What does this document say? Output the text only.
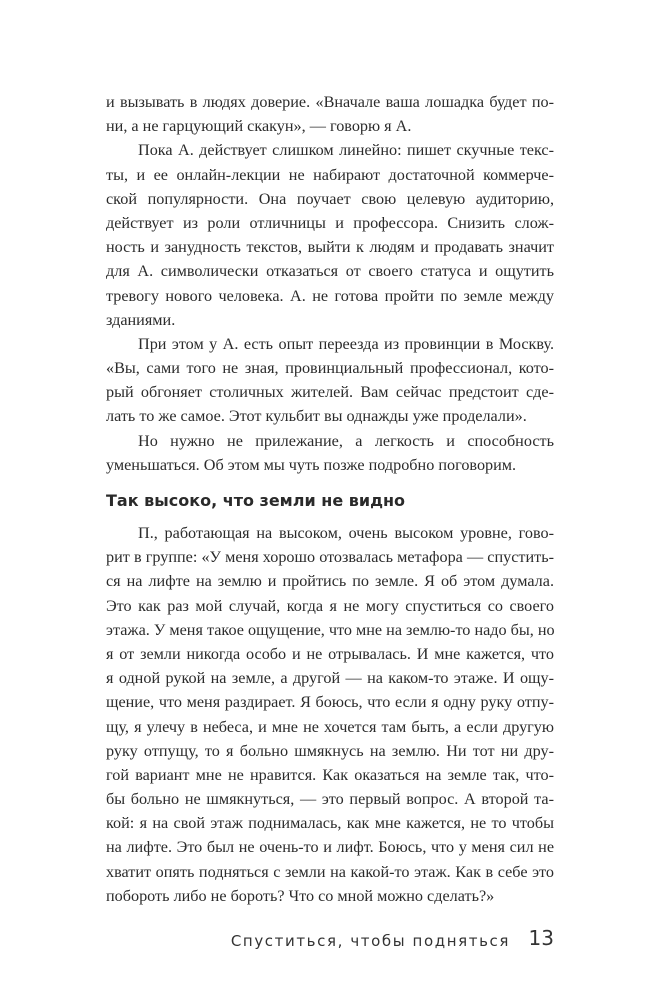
и вызывать в людях доверие. «Вначале ваша лошадка будет по-
ни, а не гарцующий скакун», — говорю я А.
Пока А. действует слишком линейно: пишет скучные текс-
ты, и ее онлайн-лекции не набирают достаточной коммерче-
ской популярности. Она поучает свою целевую аудиторию,
действует из роли отличницы и профессора. Снизить слож-
ность и занудность текстов, выйти к людям и продавать значит
для А. символически отказаться от своего статуса и ощутить
тревогу нового человека. А. не готова пройти по земле между
зданиями.
При этом у А. есть опыт переезда из провинции в Москву.
«Вы, сами того не зная, провинциальный профессионал, кото-
рый обгоняет столичных жителей. Вам сейчас предстоит сде-
лать то же самое. Этот кульбит вы однажды уже проделали».
Но нужно не прилежание, а легкость и способность
уменьшаться. Об этом мы чуть позже подробно поговорим.
Так высоко, что земли не видно
П., работающая на высоком, очень высоком уровне, гово-
рит в группе: «У меня хорошо отозвалась метафора — спустить-
ся на лифте на землю и пройтись по земле. Я об этом думала.
Это как раз мой случай, когда я не могу спуститься со своего
этажа. У меня такое ощущение, что мне на землю-то надо бы, но
я от земли никогда особо и не отрывалась. И мне кажется, что
я одной рукой на земле, а другой — на каком-то этаже. И ощу-
щение, что меня раздирает. Я боюсь, что если я одну руку отпу-
щу, я улечу в небеса, и мне не хочется там быть, а если другую
руку отпущу, то я больно шмякнусь на землю. Ни тот ни дру-
гой вариант мне не нравится. Как оказаться на земле так, что-
бы больно не шмякнуться, — это первый вопрос. А второй та-
кой: я на свой этаж поднималась, как мне кажется, не то чтобы
на лифте. Это был не очень-то и лифт. Боюсь, что у меня сил не
хватит опять подняться с земли на какой-то этаж. Как в себе это
побороть либо не бороть? Что со мной можно сделать?»
Спуститься, чтобы подняться 13
